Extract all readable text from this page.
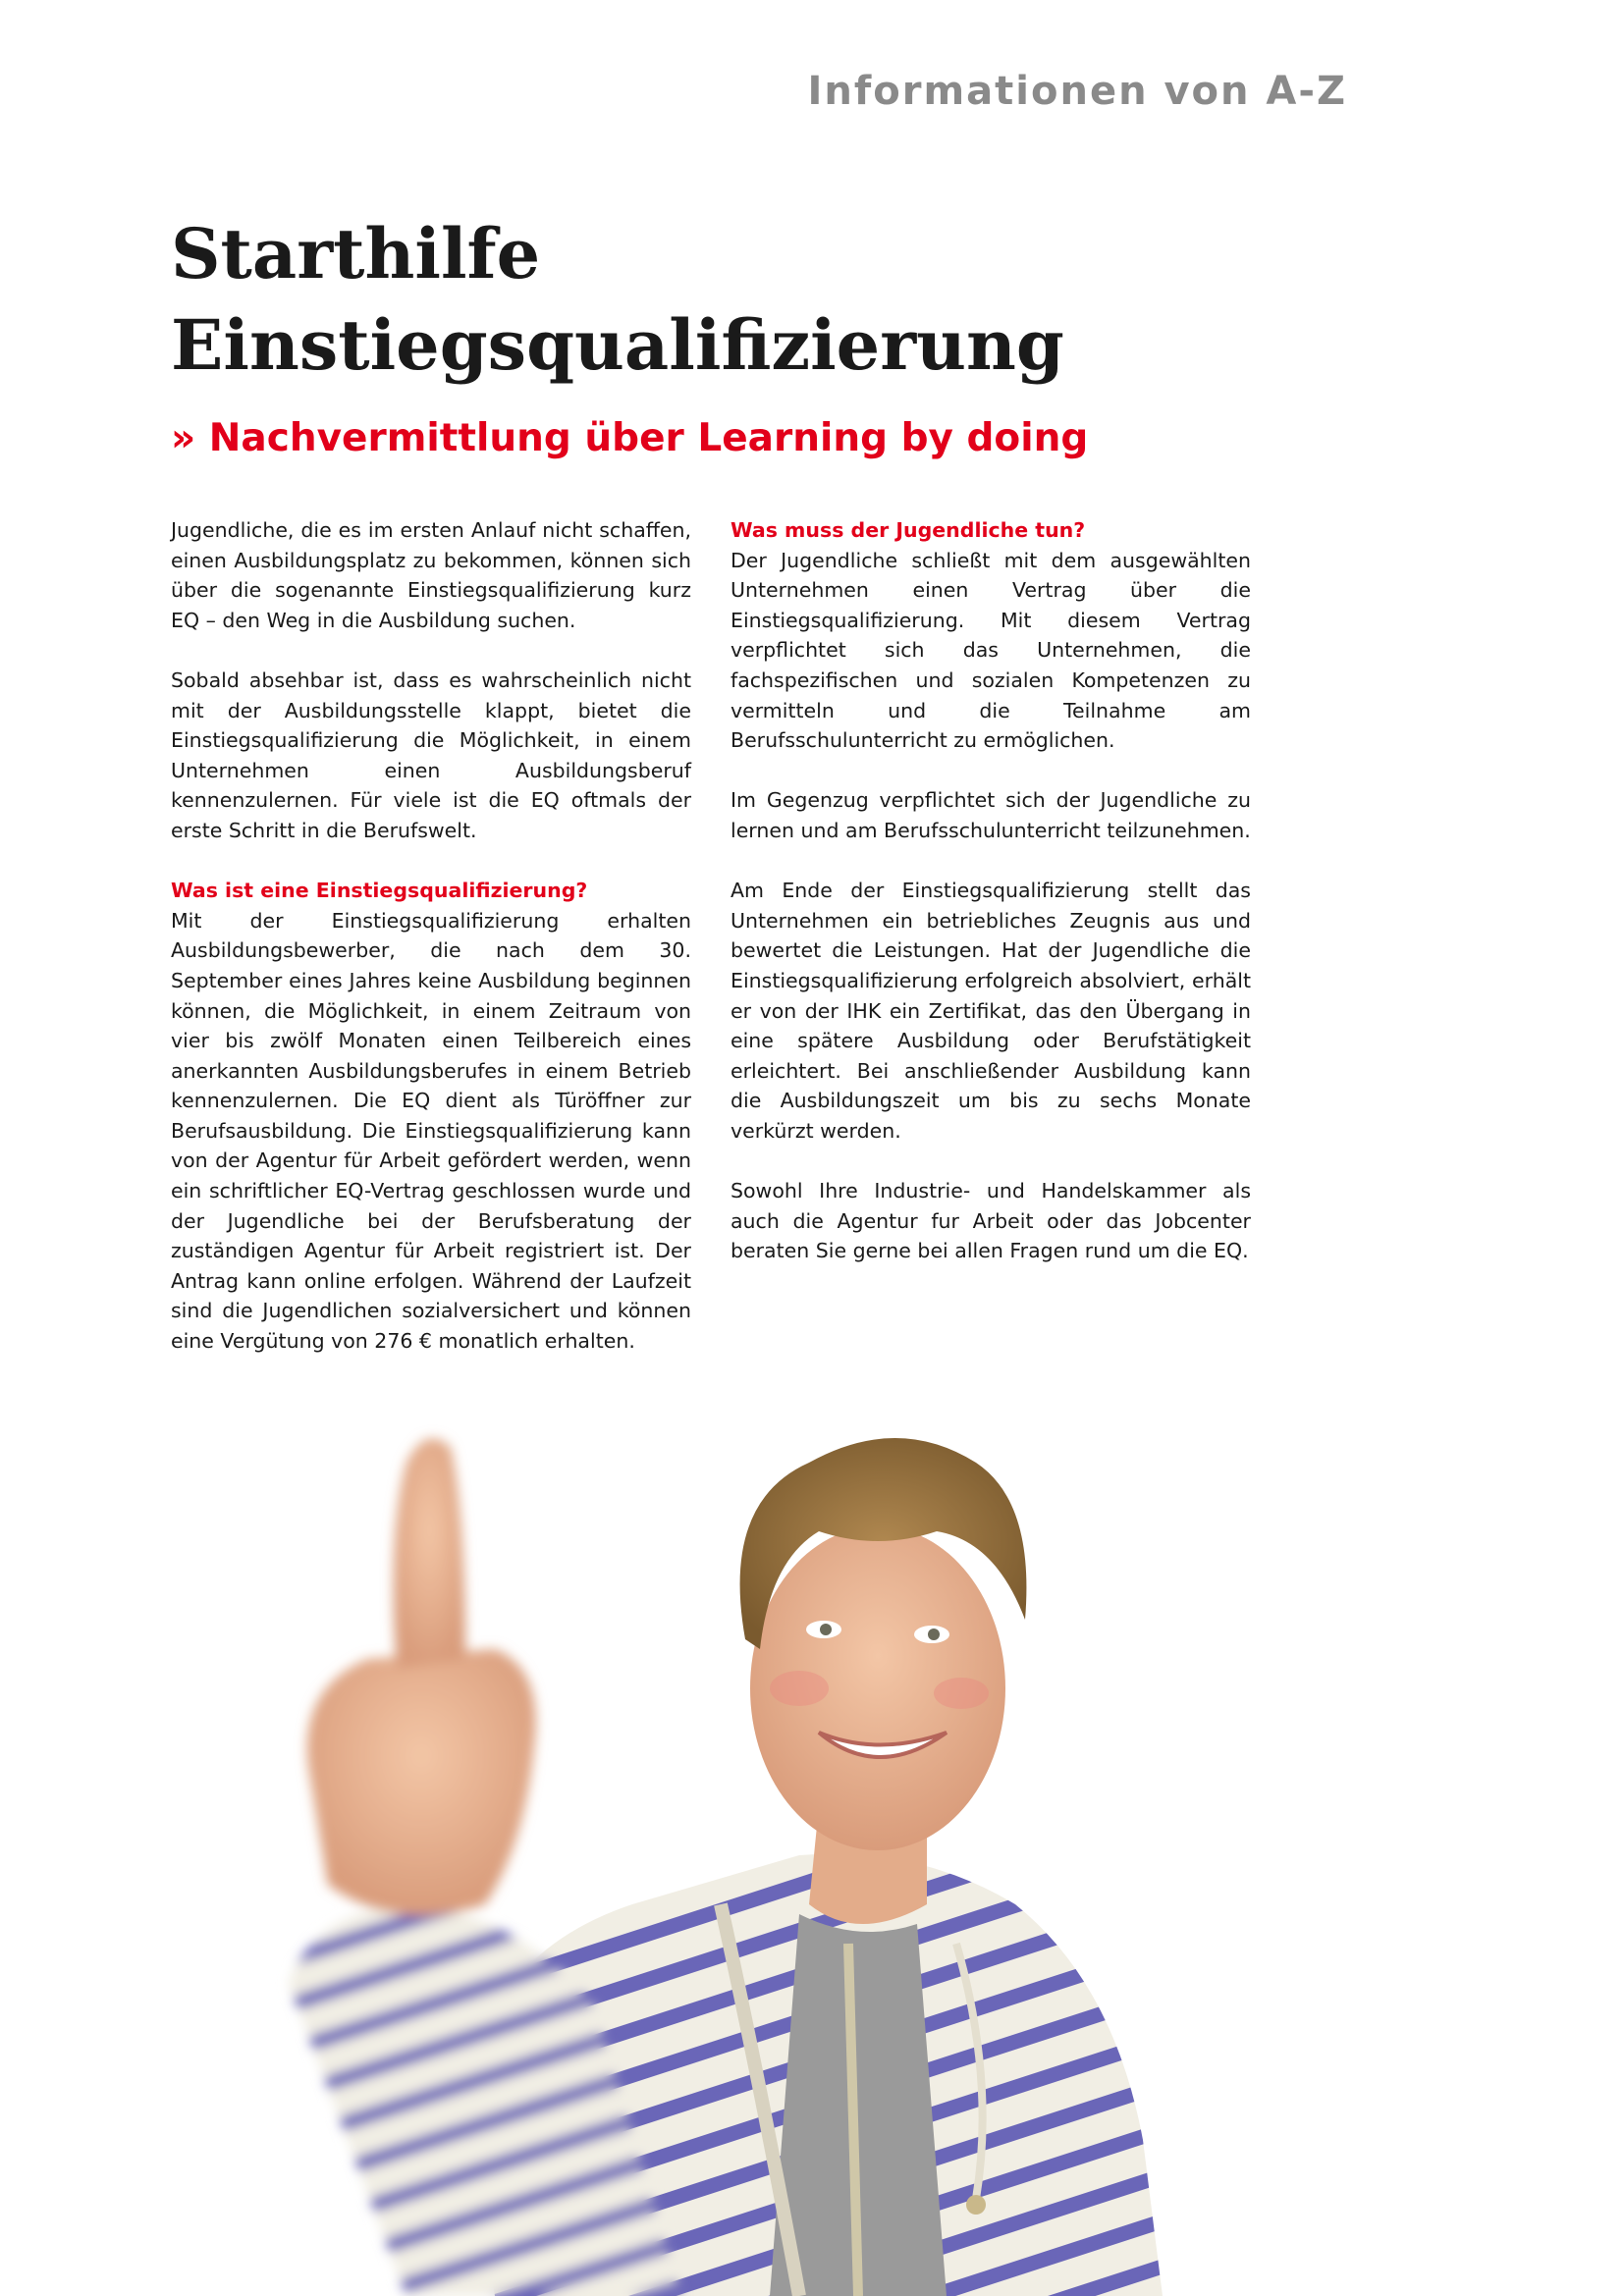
Informationen von A-Z
Starthilfe
Einstiegsqualifizierung
» Nachvermittlung über Learning by doing

Jugendliche, die es im ersten Anlauf nicht schaffen, einen Ausbildungsplatz zu bekommen, können sich über die sogenannte Einstiegsqualifizierung kurz EQ – den Weg in die Ausbildung suchen.

Sobald absehbar ist, dass es wahrscheinlich nicht mit der Ausbildungsstelle klappt, bietet die Einstiegsqualifizierung die Möglichkeit, in einem Unternehmen einen Ausbildungsberuf kennenzulernen. Für viele ist die EQ oftmals der erste Schritt in die Berufswelt.

Was ist eine Einstiegsqualifizierung?

Mit der Einstiegsqualifizierung erhalten Ausbildungsbewerber, die nach dem 30. September eines Jahres keine Ausbildung beginnen können, die Möglichkeit, in einem Zeitraum von vier bis zwölf Monaten einen Teilbereich eines anerkannten Ausbildungsberufes in einem Betrieb kennenzulernen. Die EQ dient als Türöffner zur Berufsausbildung. Die Einstiegsqualifizierung kann von der Agentur für Arbeit gefördert werden, wenn ein schriftlicher EQ-Vertrag geschlossen wurde und der Jugendliche bei der Berufsberatung der zuständigen Agentur für Arbeit registriert ist. Der Antrag kann online erfolgen. Während der Laufzeit sind die Jugendlichen sozialversichert und können eine Vergütung von 276 € monatlich erhalten.

Was muss der Jugendliche tun?

Der Jugendliche schließt mit dem ausgewählten Unternehmen einen Vertrag über die Einstiegsqualifizierung. Mit diesem Vertrag verpflichtet sich das Unternehmen, die fachspezifischen und sozialen Kompetenzen zu vermitteln und die Teilnahme am Berufsschulunterricht zu ermöglichen.

Im Gegenzug verpflichtet sich der Jugendliche zu lernen und am Berufsschulunterricht teilzunehmen.

Am Ende der Einstiegsqualifizierung stellt das Unternehmen ein betriebliches Zeugnis aus und bewertet die Leistungen. Hat der Jugendliche die Einstiegsqualifizierung erfolgreich absolviert, erhält er von der IHK ein Zertifikat, das den Übergang in eine spätere Ausbildung oder Berufstätigkeit erleichtert. Bei anschließender Ausbildung kann die Ausbildungszeit um bis zu sechs Monate verkürzt werden.

Sowohl Ihre Industrie- und Handelskammer als auch die Agentur fur Arbeit oder das Jobcenter beraten Sie gerne bei allen Fragen rund um die EQ.
